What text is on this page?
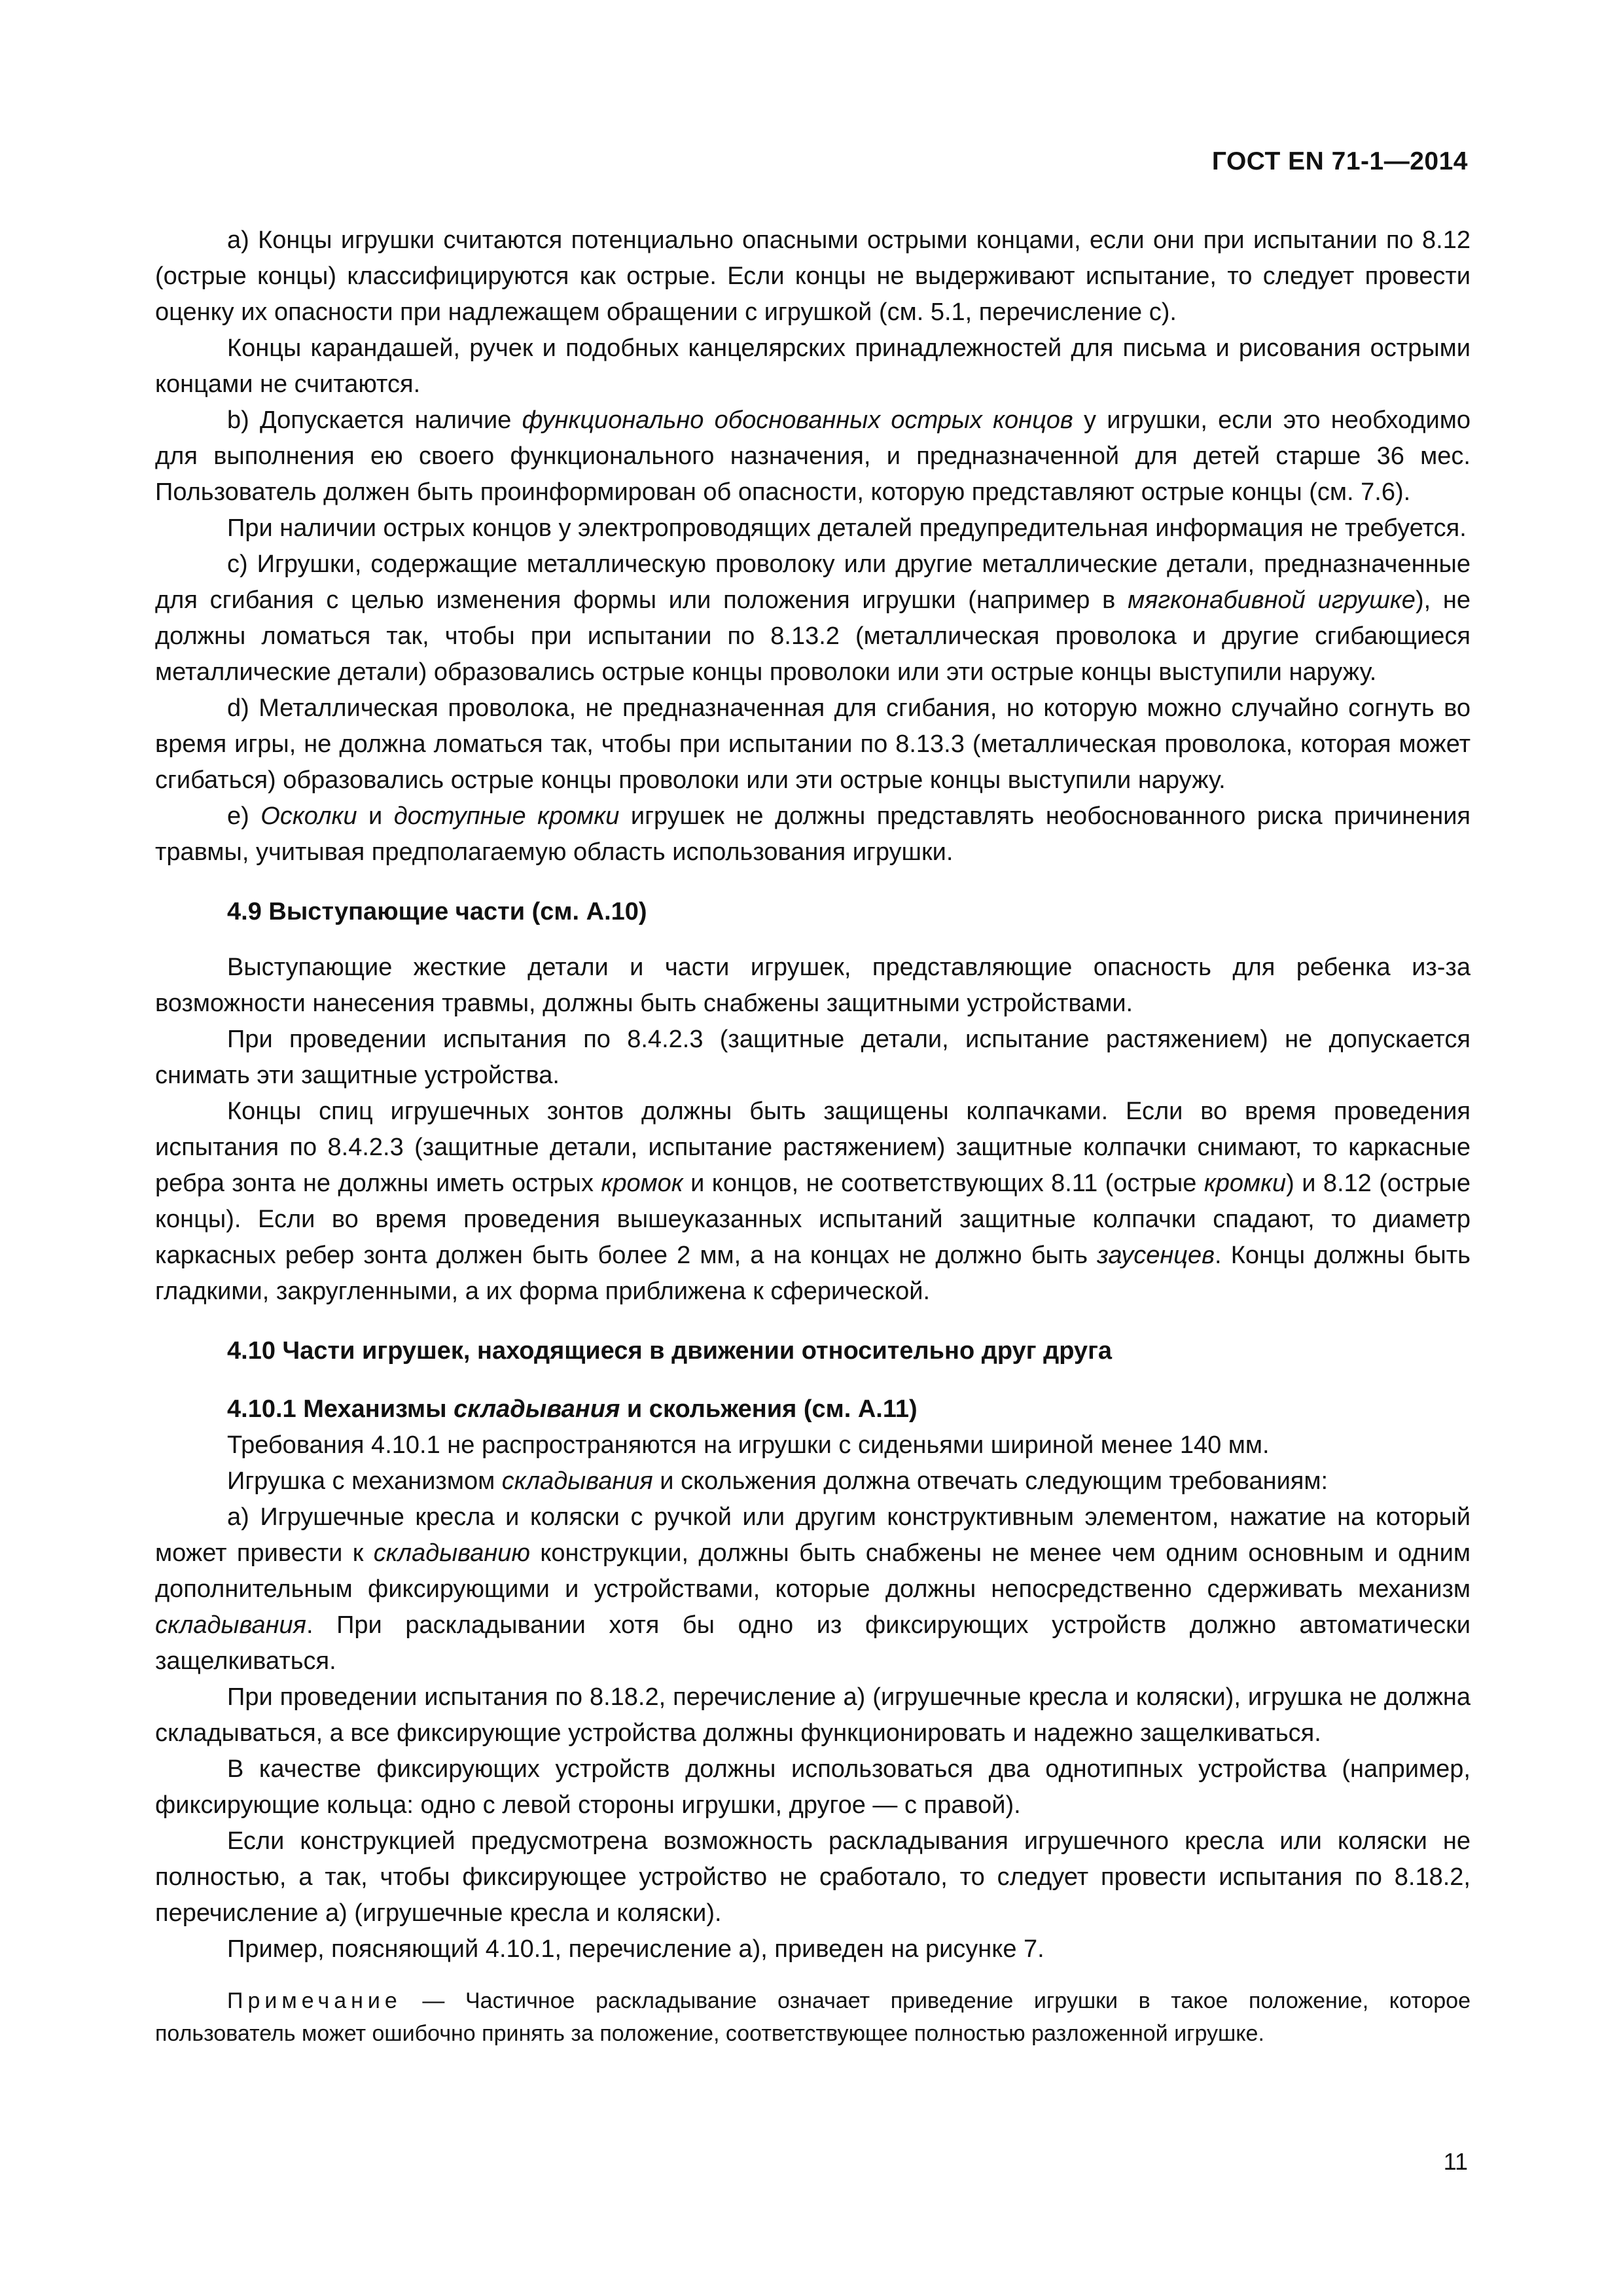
ГОСТ EN 71-1—2014

a) Концы игрушки считаются потенциально опасными острыми концами, если они при испытании по 8.12 (острые концы) классифицируются как острые. Если концы не выдерживают испытание, то следует провести оценку их опасности при надлежащем обращении с игрушкой (см. 5.1, перечисление c).

Концы карандашей, ручек и подобных канцелярских принадлежностей для письма и рисования острыми концами не считаются.

b) Допускается наличие функционально обоснованных острых концов у игрушки, если это необходимо для выполнения ею своего функционального назначения, и предназначенной для детей старше 36 мес. Пользователь должен быть проинформирован об опасности, которую представляют острые концы (см. 7.6).

При наличии острых концов у электропроводящих деталей предупредительная информация не требуется.

c) Игрушки, содержащие металлическую проволоку или другие металлические детали, предназначенные для сгибания с целью изменения формы или положения игрушки (например в мягконабивной игрушке), не должны ломаться так, чтобы при испытании по 8.13.2 (металлическая проволока и другие сгибающиеся металлические детали) образовались острые концы проволоки или эти острые концы выступили наружу.

d) Металлическая проволока, не предназначенная для сгибания, но которую можно случайно согнуть во время игры, не должна ломаться так, чтобы при испытании по 8.13.3 (металлическая проволока, которая может сгибаться) образовались острые концы проволоки или эти острые концы выступили наружу.

e) Осколки и доступные кромки игрушек не должны представлять необоснованного риска причинения травмы, учитывая предполагаемую область использования игрушки.

4.9 Выступающие части (см. A.10)

Выступающие жесткие детали и части игрушек, представляющие опасность для ребенка из-за возможности нанесения травмы, должны быть снабжены защитными устройствами.

При проведении испытания по 8.4.2.3 (защитные детали, испытание растяжением) не допускается снимать эти защитные устройства.

Концы спиц игрушечных зонтов должны быть защищены колпачками. Если во время проведения испытания по 8.4.2.3 (защитные детали, испытание растяжением) защитные колпачки снимают, то каркасные ребра зонта не должны иметь острых кромок и концов, не соответствующих 8.11 (острые кромки) и 8.12 (острые концы). Если во время проведения вышеуказанных испытаний защитные колпачки спадают, то диаметр каркасных ребер зонта должен быть более 2 мм, а на концах не должно быть заусенцев. Концы должны быть гладкими, закругленными, а их форма приближена к сферической.

4.10 Части игрушек, находящиеся в движении относительно друг друга

4.10.1 Механизмы складывания и скольжения (см. A.11)

Требования 4.10.1 не распространяются на игрушки с сиденьями шириной менее 140 мм.

Игрушка с механизмом складывания и скольжения должна отвечать следующим требованиям:

a) Игрушечные кресла и коляски с ручкой или другим конструктивным элементом, нажатие на который может привести к складыванию конструкции, должны быть снабжены не менее чем одним основным и одним дополнительным фиксирующими и устройствами, которые должны непосредственно сдерживать механизм складывания. При раскладывании хотя бы одно из фиксирующих устройств должно автоматически защелкиваться.

При проведении испытания по 8.18.2, перечисление a) (игрушечные кресла и коляски), игрушка не должна складываться, а все фиксирующие устройства должны функционировать и надежно защелкиваться.

В качестве фиксирующих устройств должны использоваться два однотипных устройства (например, фиксирующие кольца: одно с левой стороны игрушки, другое — с правой).

Если конструкцией предусмотрена возможность раскладывания игрушечного кресла или коляски не полностью, а так, чтобы фиксирующее устройство не сработало, то следует провести испытания по 8.18.2, перечисление a) (игрушечные кресла и коляски).

Пример, поясняющий 4.10.1, перечисление a), приведен на рисунке 7.

Примечание — Частичное раскладывание означает приведение игрушки в такое положение, которое пользователь может ошибочно принять за положение, соответствующее полностью разложенной игрушке.

11
